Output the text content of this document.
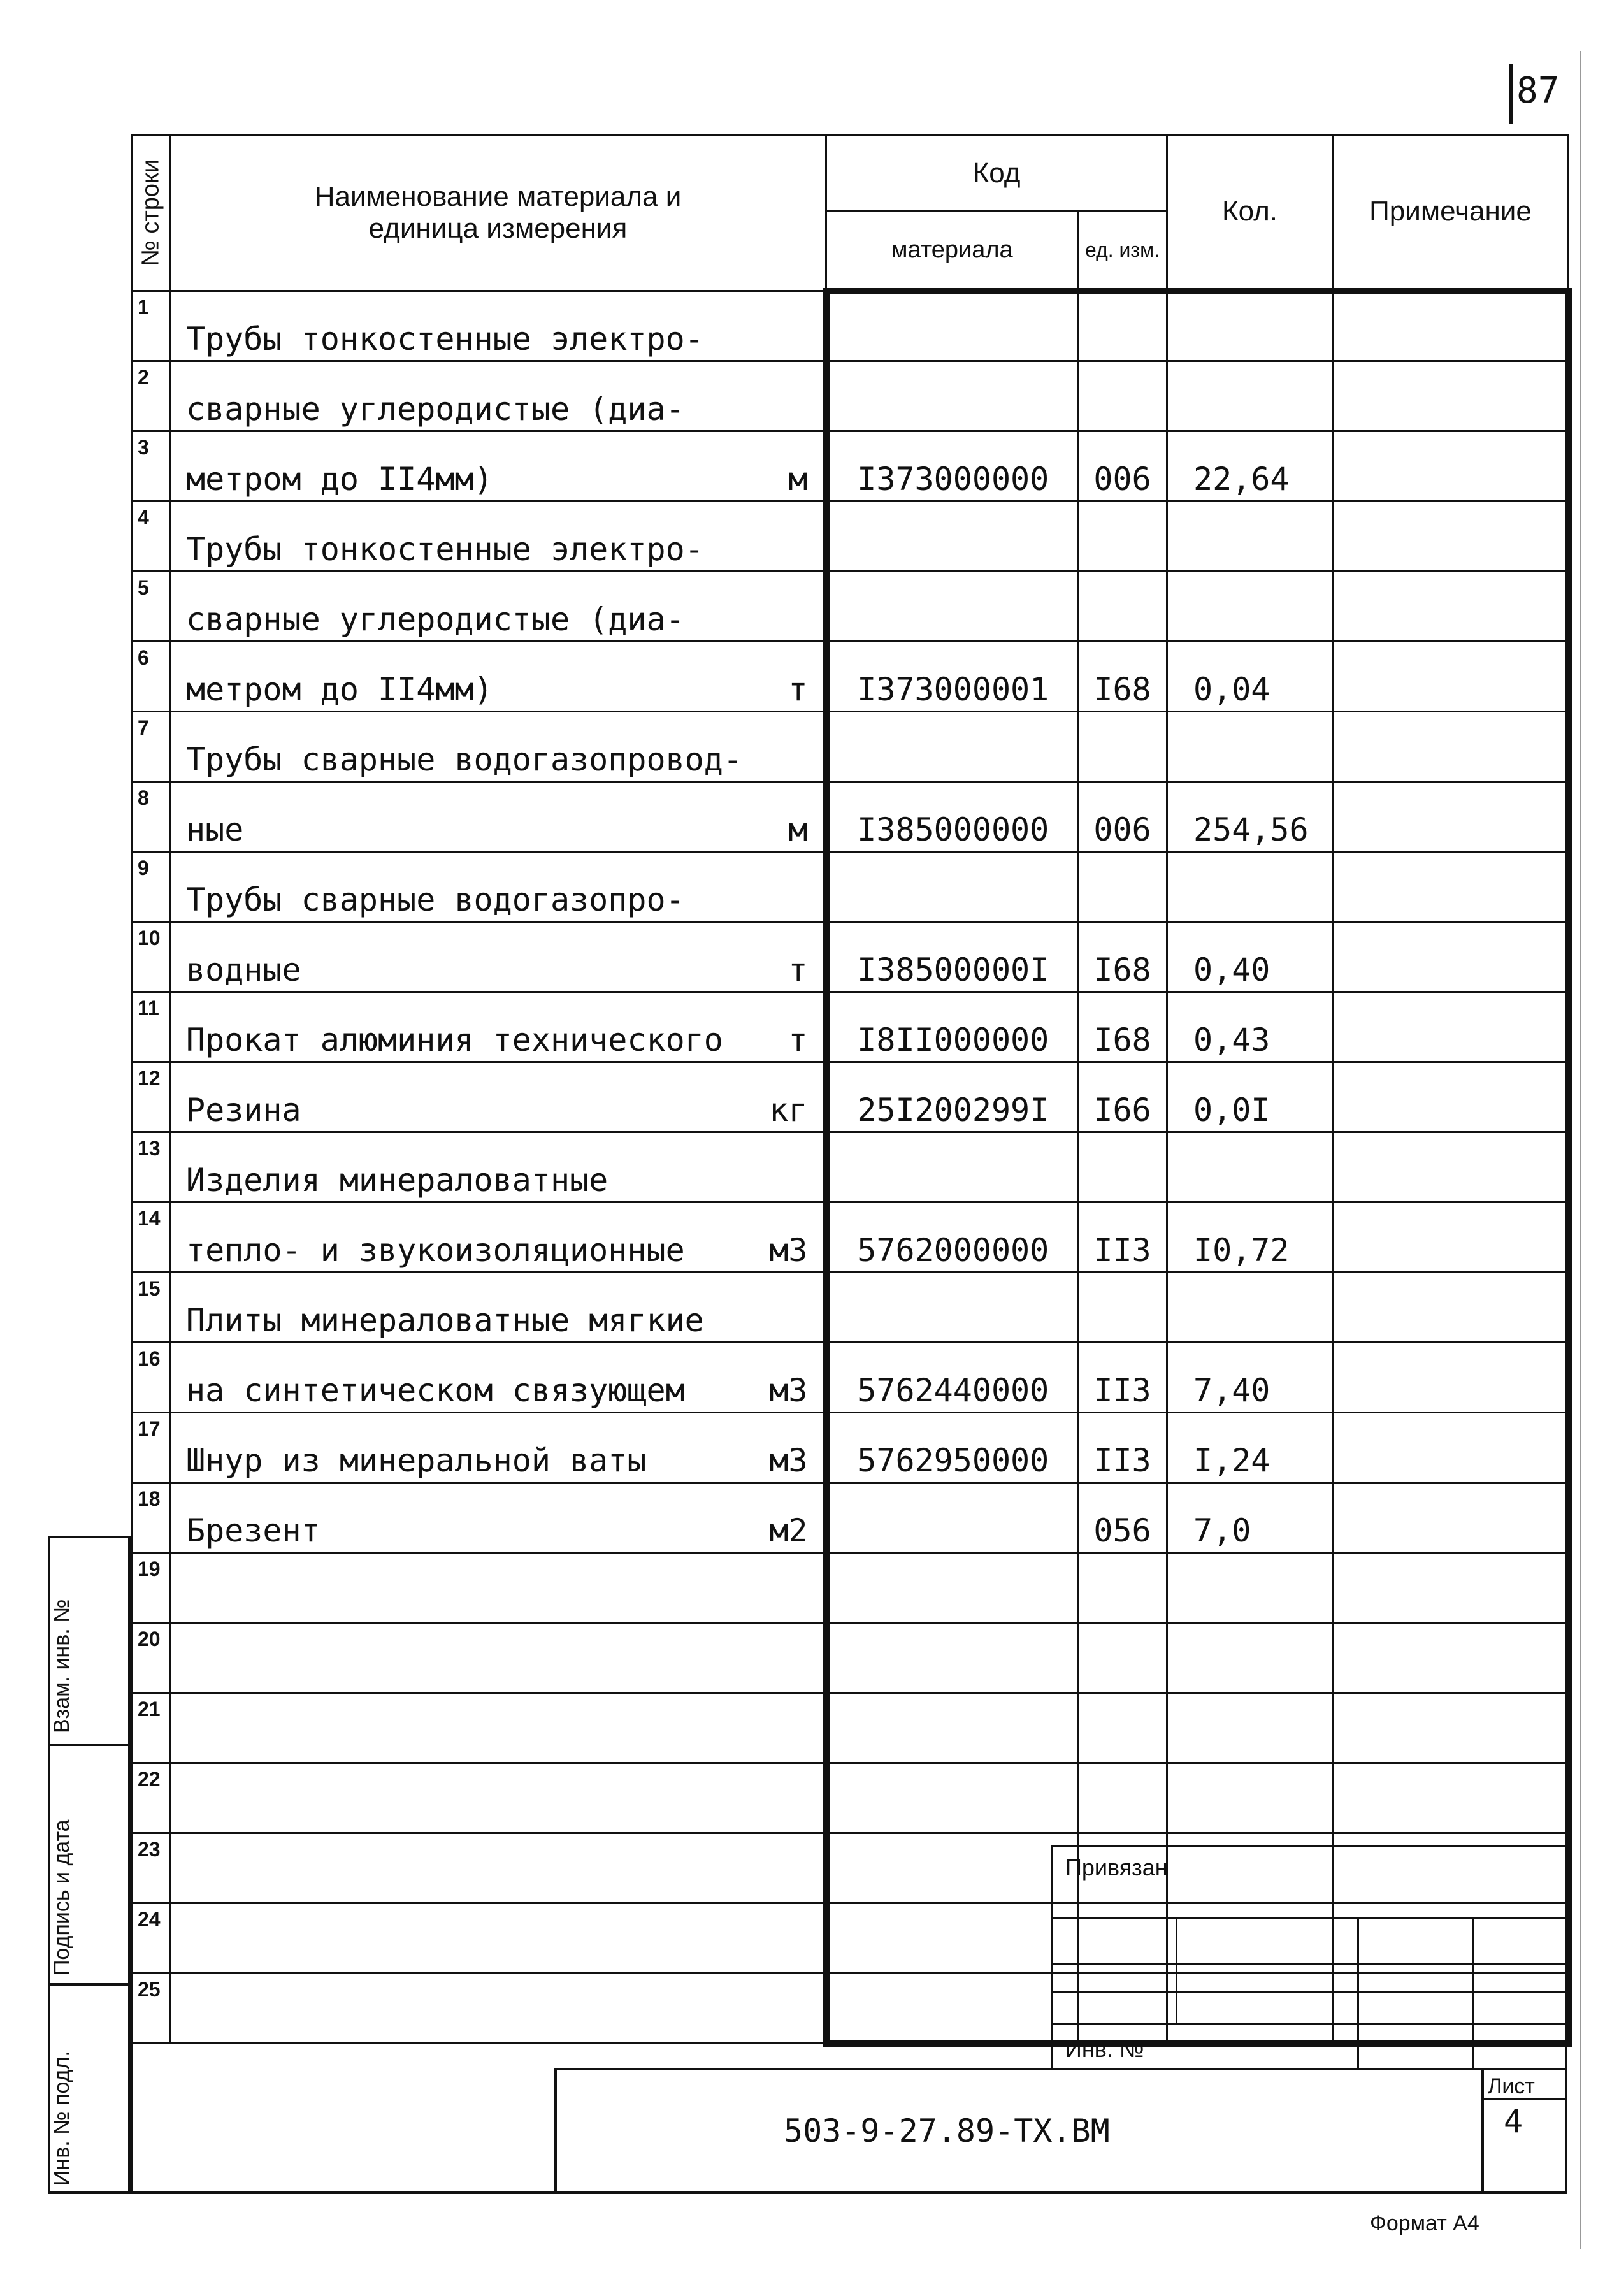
87
Взам. инв. №
Подпись и дата
Инв. № подл.
№ строки	Наименование материала и единица измерения	Код		Кол.	Примечание
		материала	ед. изм.		
1	Трубы тонкостенные электро-				

2	сварные углеродистые (диа-				

3	метром до II4мм) м	I373000000	006	22,64	
4	Трубы тонкостенные электро-				

5	сварные углеродистые (диа-				

6	метром до II4мм) т	I373000001	I68	0,04	
7	Трубы сварные водогазопровод-				

8	ные м	I385000000	006	254,56	
9	Трубы сварные водогазопро-				

10	водные т	I38500000I	I68	0,40	
11	Прокат алюминия технического т	I8II000000	I68	0,43	
12	Резина кг	25I200299I	I66	0,0I	
13	Изделия минераловатные				

14	тепло- и звукоизоляционные м3	5762000000	II3	I0,72	
15	Плиты минераловатные мягкие				

16	на синтетическом связующем м3	5762440000	II3	7,40	
17	Шнур из минеральной ваты м3	5762950000	II3	I,24	
18	Брезент м2		056	7,0	
19	

20	

21	

22	

23	

24	

25	

Привязан
Инв. №
503-9-27.89-ТХ.ВМ
Лист
4
Формат А4
